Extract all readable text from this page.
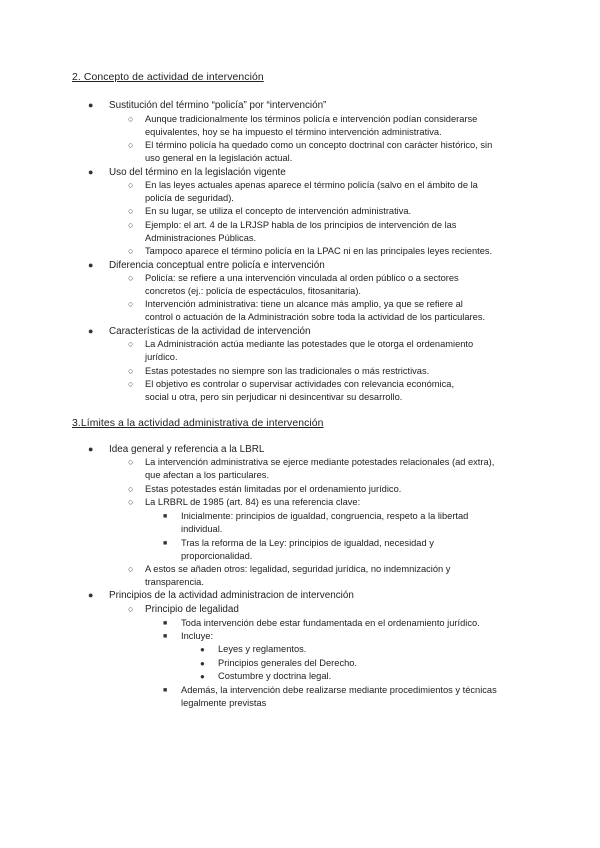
2. Concepto de actividad de intervención
● Sustitución del término “policía” por “intervención”
○ Aunque tradicionalmente los términos policía e intervención podían considerarse
equivalentes, hoy se ha impuesto el término intervención administrativa.
○ El término policía ha quedado como un concepto doctrinal con carácter histórico, sin
uso general en la legislación actual.
● Uso del término en la legislación vigente
○ En las leyes actuales apenas aparece el término policía (salvo en el ámbito de la
policía de seguridad).
○ En su lugar, se utiliza el concepto de intervención administrativa.
○ Ejemplo: el art. 4 de la LRJSP habla de los principios de intervención de las
Administraciones Públicas.
○ Tampoco aparece el término policía en la LPAC ni en las principales leyes recientes.
● Diferencia conceptual entre policía e intervención
○ Policía: se refiere a una intervención vinculada al orden público o a sectores
concretos (ej.: policía de espectáculos, fitosanitaria).
○ Intervención administrativa: tiene un alcance más amplio, ya que se refiere al
control o actuación de la Administración sobre toda la actividad de los particulares.
● Características de la actividad de intervención
○ La Administración actúa mediante las potestades que le otorga el ordenamiento
jurídico.
○ Estas potestades no siempre son las tradicionales o más restrictivas.
○ El objetivo es controlar o supervisar actividades con relevancia económica,
social u otra, pero sin perjudicar ni desincentivar su desarrollo.
3.Límites a la actividad administrativa de intervención
● Idea general y referencia a la LBRL
○ La intervención administrativa se ejerce mediante potestades relacionales (ad extra),
que afectan a los particulares.
○ Estas potestades están limitadas por el ordenamiento jurídico.
○ La LRBRL de 1985 (art. 84) es una referencia clave:
■ Inicialmente: principios de igualdad, congruencia, respeto a la libertad
individual.
■ Tras la reforma de la Ley: principios de igualdad, necesidad y
proporcionalidad.
○ A estos se añaden otros: legalidad, seguridad jurídica, no indemnización y
transparencia.
● Principios de la actividad administracion de intervención
○ Principio de legalidad
■ Toda intervención debe estar fundamentada en el ordenamiento jurídico.
■ Incluye:
● Leyes y reglamentos.
● Principios generales del Derecho.
● Costumbre y doctrina legal.
■ Además, la intervención debe realizarse mediante procedimientos y técnicas
legalmente previstas
